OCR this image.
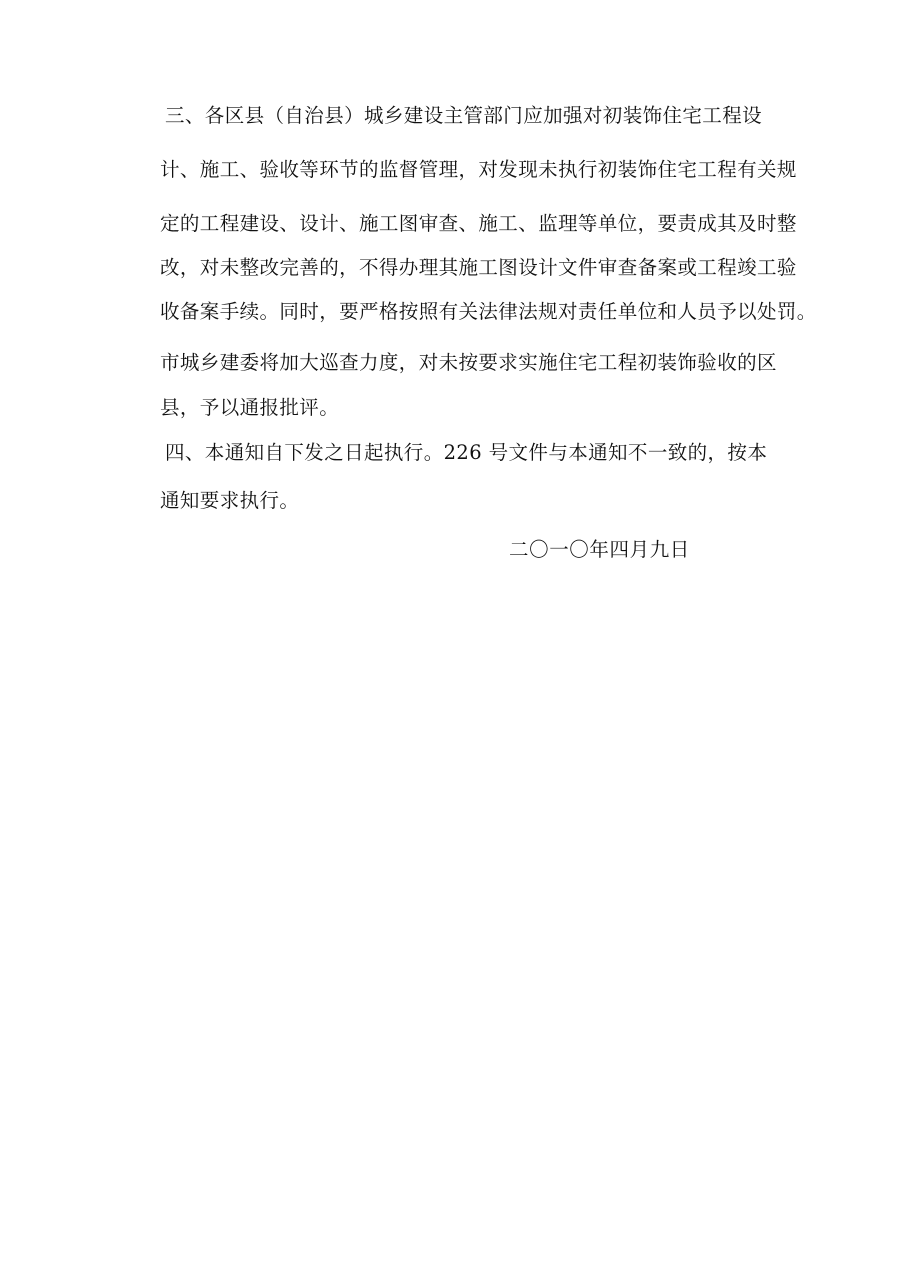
三、各区县（自治县）城乡建设主管部门应加强对初装饰住宅工程设
计、施工、验收等环节的监督管理，对发现未执行初装饰住宅工程有关规
定的工程建设、设计、施工图审查、施工、监理等单位，要责成其及时整
改，对未整改完善的，不得办理其施工图设计文件审查备案或工程竣工验
收备案手续。同时，要严格按照有关法律法规对责任单位和人员予以处罚。
市城乡建委将加大巡查力度，对未按要求实施住宅工程初装饰验收的区
县，予以通报批评。
四、本通知自下发之日起执行。226 号文件与本通知不一致的，按本
通知要求执行。
二〇一〇年四月九日
